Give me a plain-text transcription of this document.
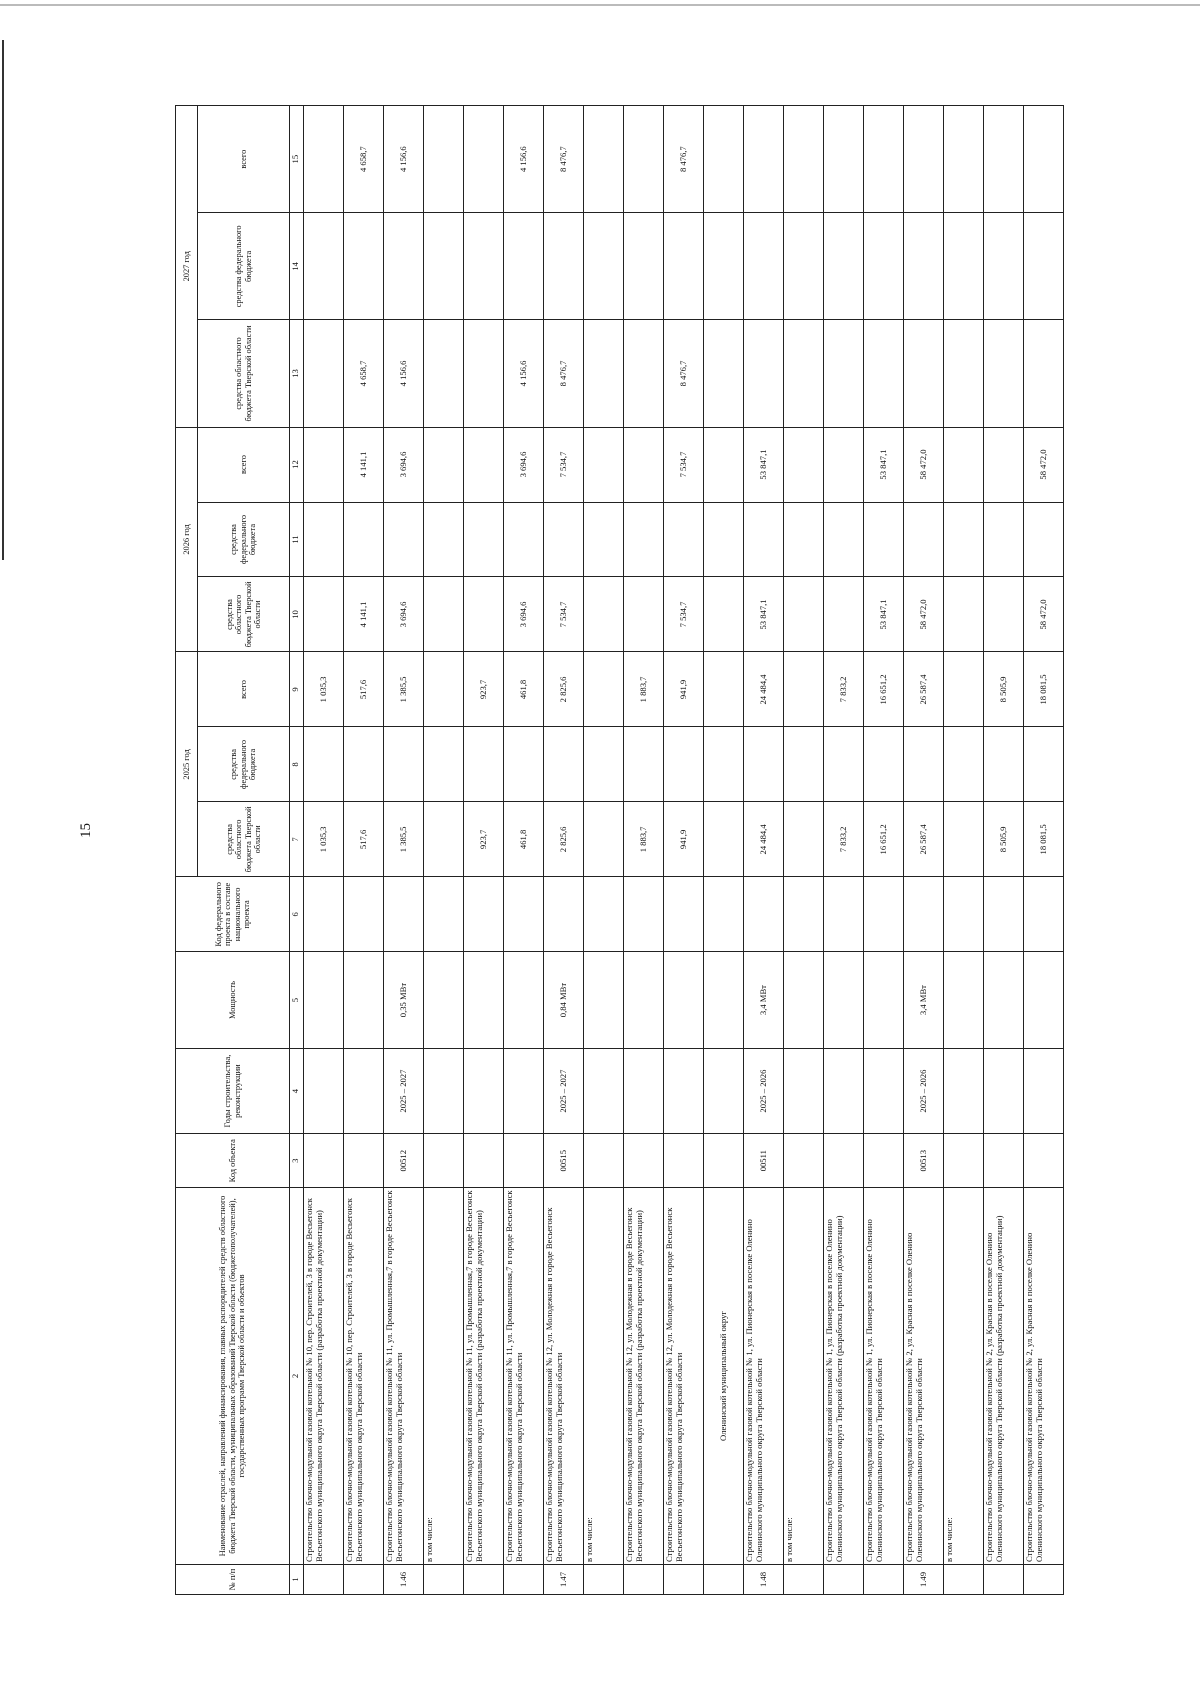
15
№ п/п	Наименование отраслей, направлений финансирования, главных распорядителей средств областного бюджета Тверской области, муниципальных образований Тверской области (бюджетополучателей), государственных программ Тверской области и объектов	Код объекта	Годы строительства, реконструкции	Мощность	Код федерального проекта в составе национального проекта	2025 год			2026 год			2027 год		
						средства областного бюджета Тверской области	средства федерального бюджета	всего	средства областного бюджета Тверской области	средства федерального бюджета	всего	средства областного бюджета Тверской области	средства федерального бюджета	всего
1	2	3	4	5	6	7	8	9	10	11	12	13	14	15
	Строительство блочно-модульной газовой котельной № 10, пер. Строителей, 3 в городе Весьегонск Весьегонского муниципального округа Тверской области (разработка проектной документации)					1 035,3		1 035,3						
	Строительство блочно-модульной газовой котельной № 10, пер. Строителей, 3 в городе Весьегонск Весьегонского муниципального округа Тверской области					517,6		517,6	4 141,1		4 141,1	4 658,7		4 658,7
1.46	Строительство блочно-модульной газовой котельной № 11, ул. Промышленная,7 в городе Весьегонск Весьегонского муниципального округа Тверской области	00512	2025 – 2027	0,35 МВт		1 385,5		1 385,5	3 694,6		3 694,6	4 156,6		4 156,6
	в том числе:													
	Строительство блочно-модульной газовой котельной № 11, ул. Промышленная,7 в городе Весьегонск Весьегонского муниципального округа Тверской области (разработка проектной документации)					923,7		923,7						
	Строительство блочно-модульной газовой котельной № 11, ул. Промышленная,7 в городе Весьегонск Весьегонского муниципального округа Тверской области					461,8		461,8	3 694,6		3 694,6	4 156,6		4 156,6
1.47	Строительство блочно-модульной газовой котельной № 12, ул. Молодежная в городе Весьегонск Весьегонского муниципального округа Тверской области	00515	2025 – 2027	0,84 МВт		2 825,6		2 825,6	7 534,7		7 534,7	8 476,7		8 476,7
	в том числе:													
	Строительство блочно-модульной газовой котельной № 12, ул. Молодежная в городе Весьегонск Весьегонского муниципального округа Тверской области (разработка проектной документации)					1 883,7		1 883,7						
	Строительство блочно-модульной газовой котельной № 12, ул. Молодежная в городе Весьегонск Весьегонского муниципального округа Тверской области					941,9		941,9	7 534,7		7 534,7	8 476,7		8 476,7
	Оленинский муниципальный округ													
1.48	Строительство блочно-модульной газовой котельной № 1, ул. Пионерская в поселке Оленино Оленинского муниципального округа Тверской области	00511	2025 – 2026	3,4 МВт		24 484,4		24 484,4	53 847,1		53 847,1			
	в том числе:													
	Строительство блочно-модульной газовой котельной № 1, ул. Пионерская в поселке Оленино Оленинского муниципального округа Тверской области (разработка проектной документации)					7 833,2		7 833,2						
	Строительство блочно-модульной газовой котельной № 1, ул. Пионерская в поселке Оленино Оленинского муниципального округа Тверской области					16 651,2		16 651,2	53 847,1		53 847,1			
1.49	Строительство блочно-модульной газовой котельной № 2, ул. Красная в поселке Оленино Оленинского муниципального округа Тверской области	00513	2025 – 2026	3,4 МВт		26 587,4		26 587,4	58 472,0		58 472,0			
	в том числе:													
	Строительство блочно-модульной газовой котельной № 2, ул. Красная в поселке Оленино Оленинского муниципального округа Тверской области (разработка проектной документации)					8 505,9		8 505,9						
	Строительство блочно-модульной газовой котельной № 2, ул. Красная в поселке Оленино Оленинского муниципального округа Тверской области					18 081,5		18 081,5	58 472,0		58 472,0			
